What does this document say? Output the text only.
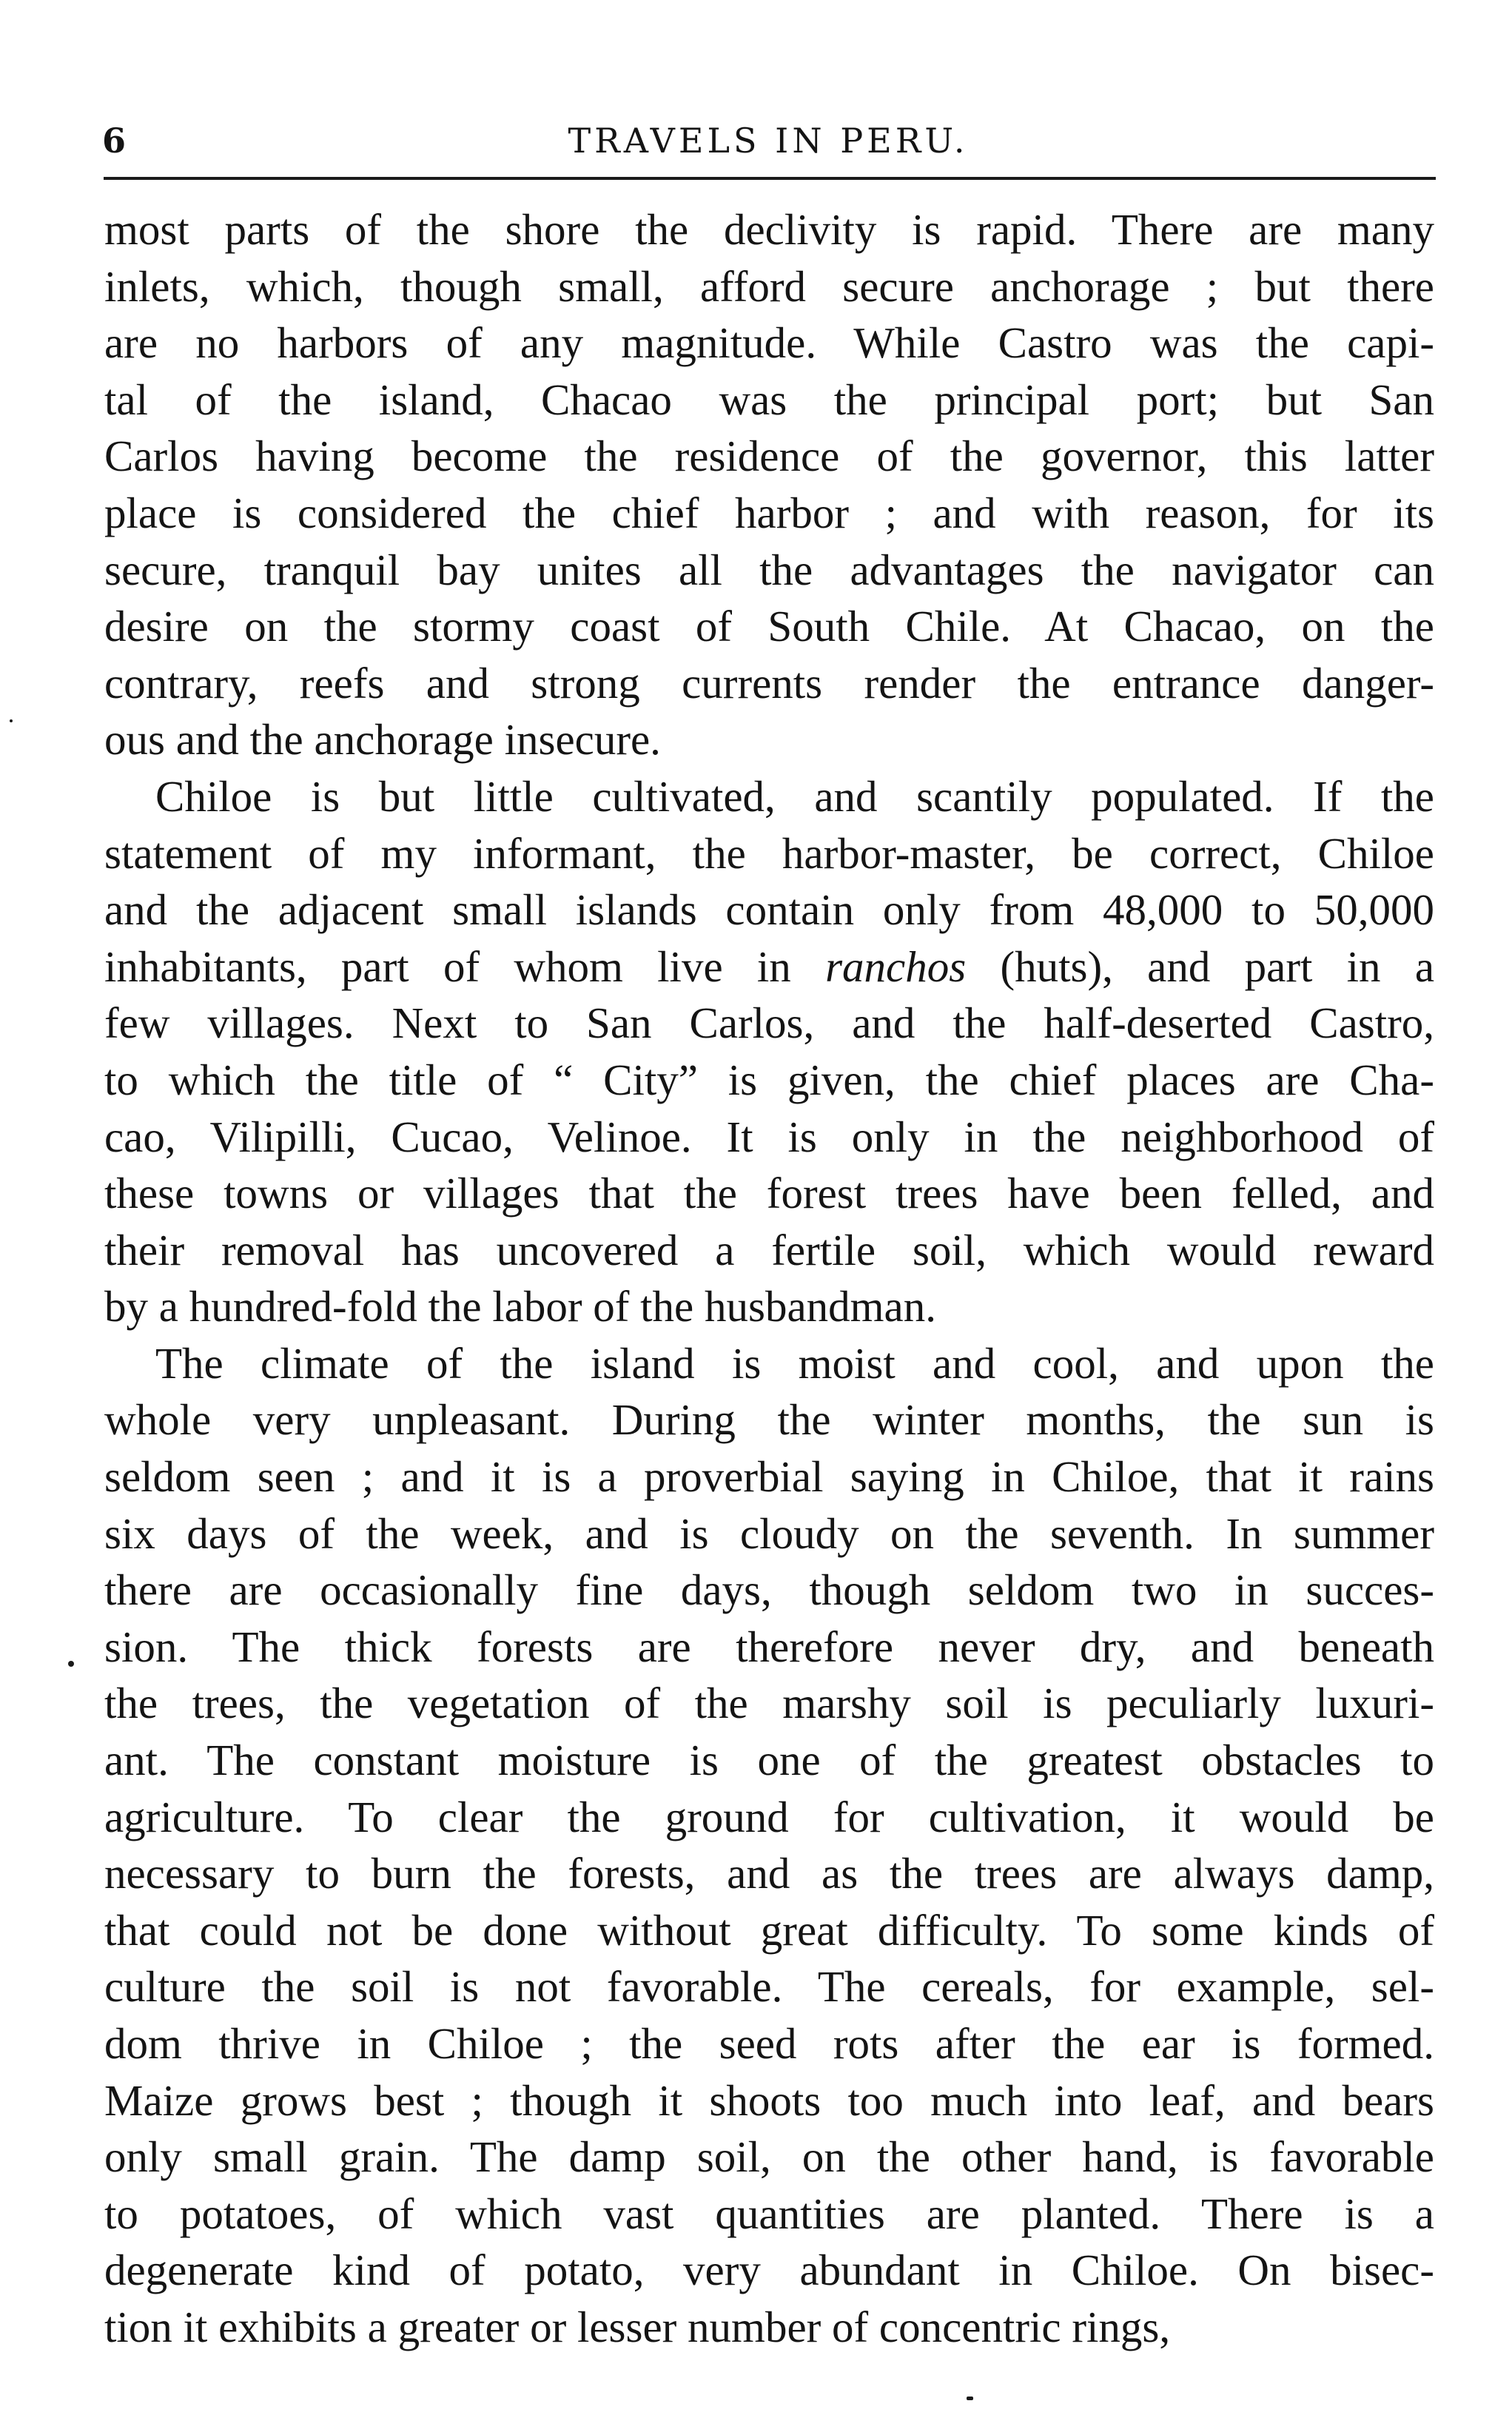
6	TRAVELS IN PERU.
most parts of the shore the declivity is rapid. There are many
inlets, which, though small, afford secure anchorage ; but there
are no harbors of any magnitude. While Castro was the capi-
tal of the island, Chacao was the principal port; but San
Carlos having become the residence of the governor, this latter
place is considered the chief harbor ; and with reason, for its
secure, tranquil bay unites all the advantages the navigator can
desire on the stormy coast of South Chile. At Chacao, on the
contrary, reefs and strong currents render the entrance danger-
ous and the anchorage insecure.
Chiloe is but little cultivated, and scantily populated. If the
statement of my informant, the harbor-master, be correct, Chiloe
and the adjacent small islands contain only from 48,000 to 50,000
inhabitants, part of whom live in ranchos (huts), and part in a
few villages. Next to San Carlos, and the half-deserted Castro,
to which the title of “ City” is given, the chief places are Cha-
cao, Vilipilli, Cucao, Velinoe. It is only in the neighborhood of
these towns or villages that the forest trees have been felled, and
their removal has uncovered a fertile soil, which would reward
by a hundred-fold the labor of the husbandman.
The climate of the island is moist and cool, and upon the
whole very unpleasant. During the winter months, the sun is
seldom seen ; and it is a proverbial saying in Chiloe, that it rains
six days of the week, and is cloudy on the seventh. In summer
there are occasionally fine days, though seldom two in succes-
sion. The thick forests are therefore never dry, and beneath
the trees, the vegetation of the marshy soil is peculiarly luxuri-
ant. The constant moisture is one of the greatest obstacles to
agriculture. To clear the ground for cultivation, it would be
necessary to burn the forests, and as the trees are always damp,
that could not be done without great difficulty. To some kinds of
culture the soil is not favorable. The cereals, for example, sel-
dom thrive in Chiloe ; the seed rots after the ear is formed.
Maize grows best ; though it shoots too much into leaf, and bears
only small grain. The damp soil, on the other hand, is favorable
to potatoes, of which vast quantities are planted. There is a
degenerate kind of potato, very abundant in Chiloe. On bisec-
tion it exhibits a greater or lesser number of concentric rings,
